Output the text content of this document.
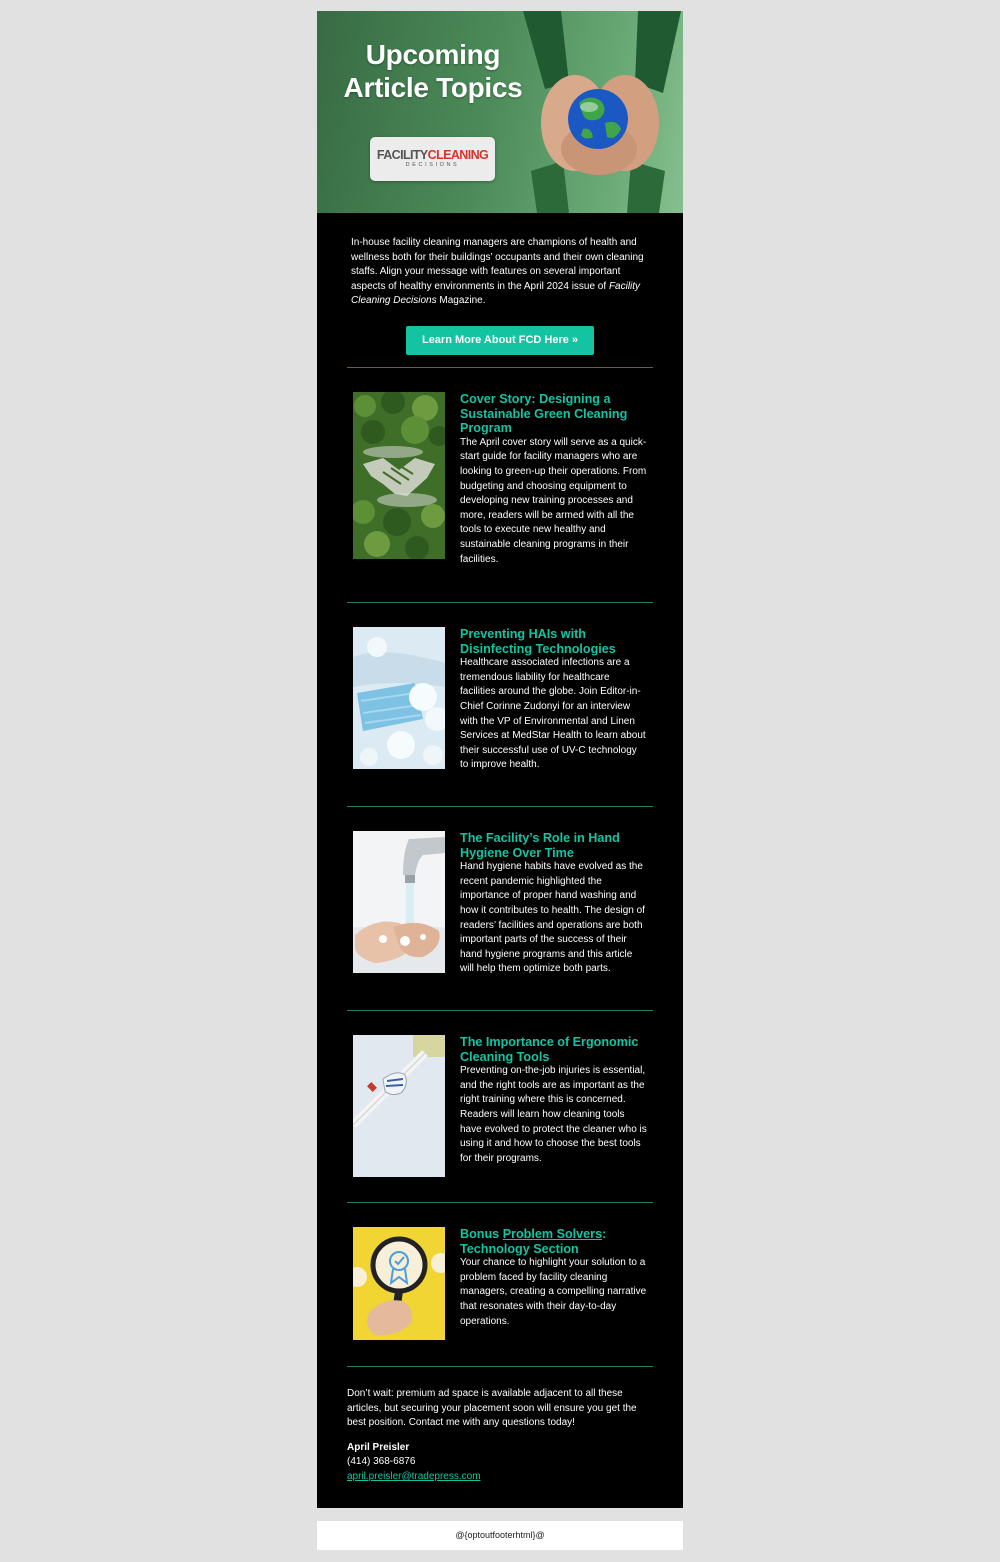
Upcoming
Article Topics
FACILITYCLEANING
DECISIONS
In-house facility cleaning managers are champions of health and wellness both for their buildings’ occupants and their own cleaning staffs. Align your message with features on several important aspects of healthy environments in the April 2024 issue of Facility Cleaning Decisions Magazine.
Learn More About FCD Here »
Cover Story: Designing a Sustainable Green Cleaning Program
The April cover story will serve as a quick-start guide for facility managers who are looking to green-up their operations. From budgeting and choosing equipment to developing new training processes and more, readers will be armed with all the tools to execute new healthy and sustainable cleaning programs in their facilities.
Preventing HAIs with Disinfecting Technologies
Healthcare associated infections are a tremendous liability for healthcare facilities around the globe. Join Editor-in-Chief Corinne Zudonyi for an interview with the VP of Environmental and Linen Services at MedStar Health to learn about their successful use of UV-C technology to improve health.
The Facility’s Role in Hand Hygiene Over Time
Hand hygiene habits have evolved as the recent pandemic highlighted the importance of proper hand washing and how it contributes to health. The design of readers’ facilities and operations are both important parts of the success of their hand hygiene programs and this article will help them optimize both parts.
The Importance of Ergonomic Cleaning Tools
Preventing on-the-job injuries is essential, and the right tools are as important as the right training where this is concerned. Readers will learn how cleaning tools have evolved to protect the cleaner who is using it and how to choose the best tools for their programs.
Bonus Problem Solvers: Technology Section
Your chance to highlight your solution to a problem faced by facility cleaning managers, creating a compelling narrative that resonates with their day-to-day operations.
Don’t wait: premium ad space is available adjacent to all these articles, but securing your placement soon will ensure you get the best position. Contact me with any questions today!
April Preisler
(414) 368-6876
april.preisler@tradepress.com
@{optoutfooterhtml}@
